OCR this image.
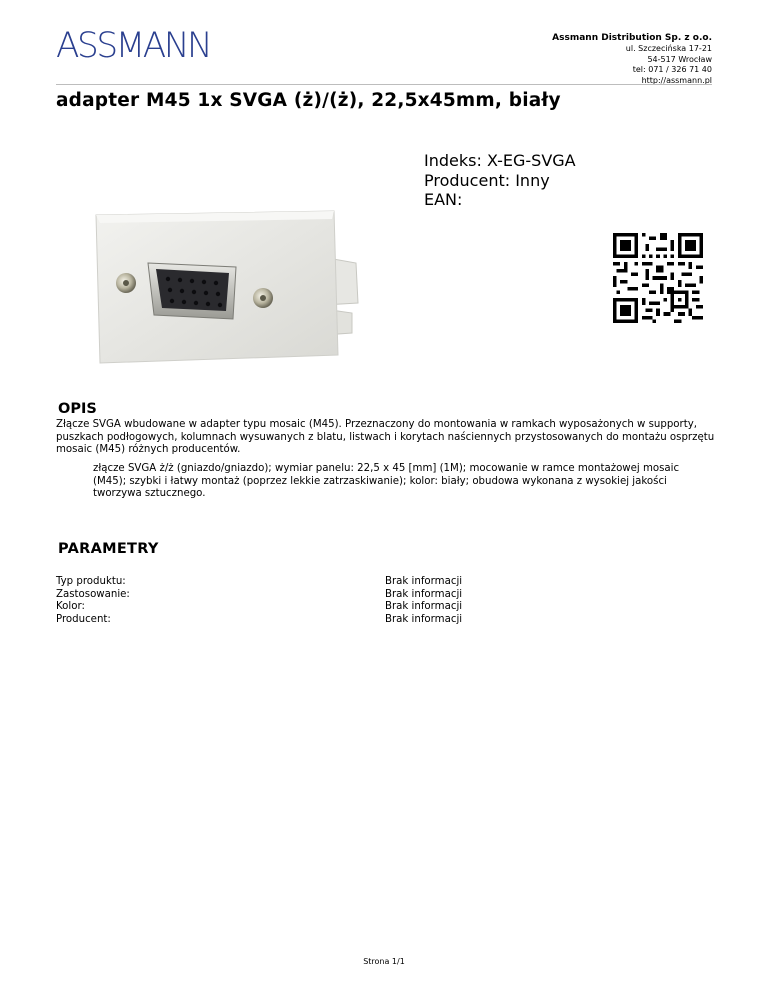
ASSMANN	Assmann Distribution Sp. z o.o.
ul. Szczecińska 17-21
54-517 Wrocław
tel: 071 / 326 71 40
http://assmann.pl
adapter M45 1x SVGA (ż)/(ż), 22,5x45mm, biały
Indeks: X-EG-SVGA
Producent: Inny
EAN:
OPIS
Złącze SVGA wbudowane w adapter typu mosaic (M45). Przeznaczony do montowania w ramkach wyposażonych w supporty, puszkach podłogowych, kolumnach wysuwanych z blatu, listwach i korytach naściennych przystosowanych do montażu osprzętu mosaic (M45) różnych producentów.
złącze SVGA ż/ż (gniazdo/gniazdo); wymiar panelu: 22,5 x 45 [mm] (1M); mocowanie w ramce montażowej mosaic (M45); szybki i łatwy montaż (poprzez lekkie zatrzaskiwanie); kolor: biały; obudowa wykonana z wysokiej jakości tworzywa sztucznego.
PARAMETRY
Typ produktu:
Zastosowanie:
Kolor:
Producent:
Brak informacji
Brak informacji
Brak informacji
Brak informacji
Strona 1/1
